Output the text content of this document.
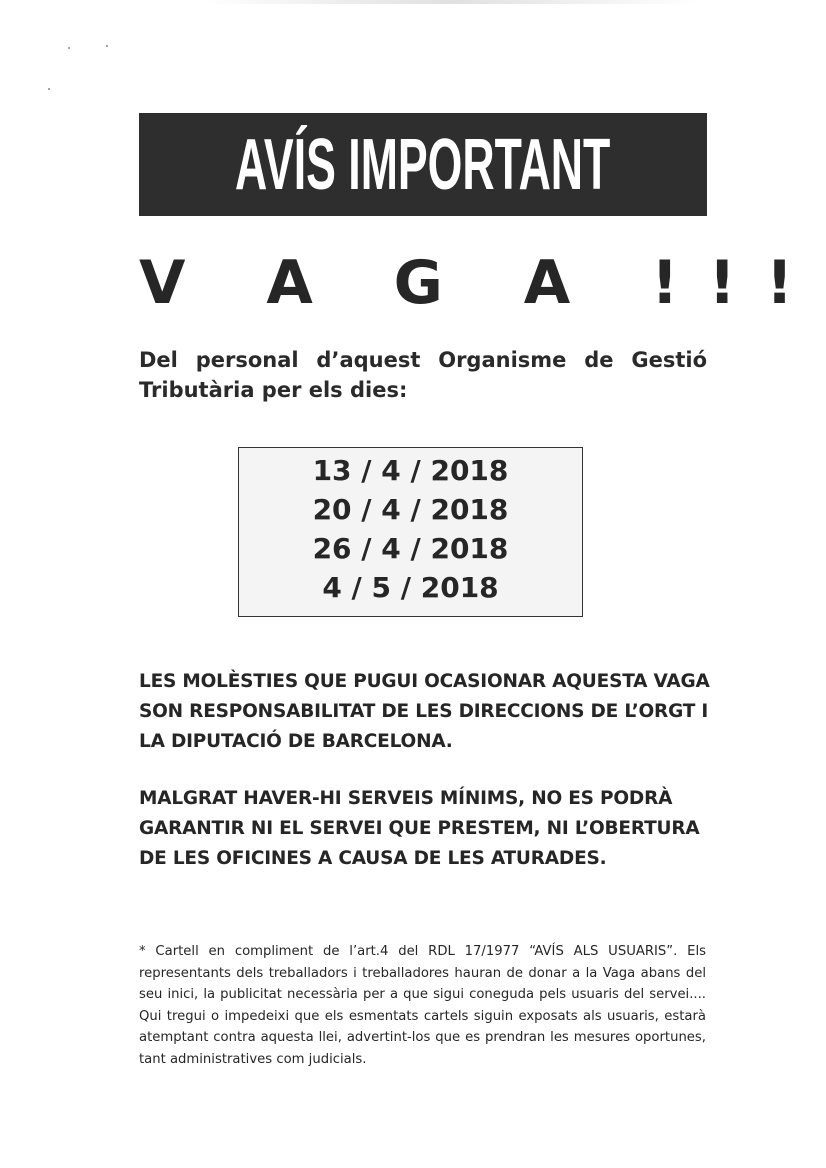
AVÍS IMPORTANT
V A G A !!!
Del personal d’aquest Organisme de Gestió Tributària per els dies:
13 / 4 / 2018
20 / 4 / 2018
26 / 4 / 2018
4 / 5 / 2018
LES MOLÈSTIES QUE PUGUI OCASIONAR AQUESTA VAGA SON RESPONSABILITAT DE LES DIRECCIONS DE L’ORGT I LA DIPUTACIÓ DE BARCELONA.
MALGRAT HAVER-HI SERVEIS MÍNIMS, NO ES PODRÀ GARANTIR NI EL SERVEI QUE PRESTEM, NI L’OBERTURA DE LES OFICINES A CAUSA DE LES ATURADES.
* Cartell en compliment de l’art.4 del RDL 17/1977 “AVÍS ALS USUARIS”. Els representants dels treballadors i treballadores hauran de donar a la Vaga abans del seu inici, la publicitat necessària per a que sigui coneguda pels usuaris del servei.... Qui tregui o impedeixi que els esmentats cartels siguin exposats als usuaris, estarà atemptant contra aquesta llei, advertint-los que es prendran les mesures oportunes, tant administratives com judicials.
